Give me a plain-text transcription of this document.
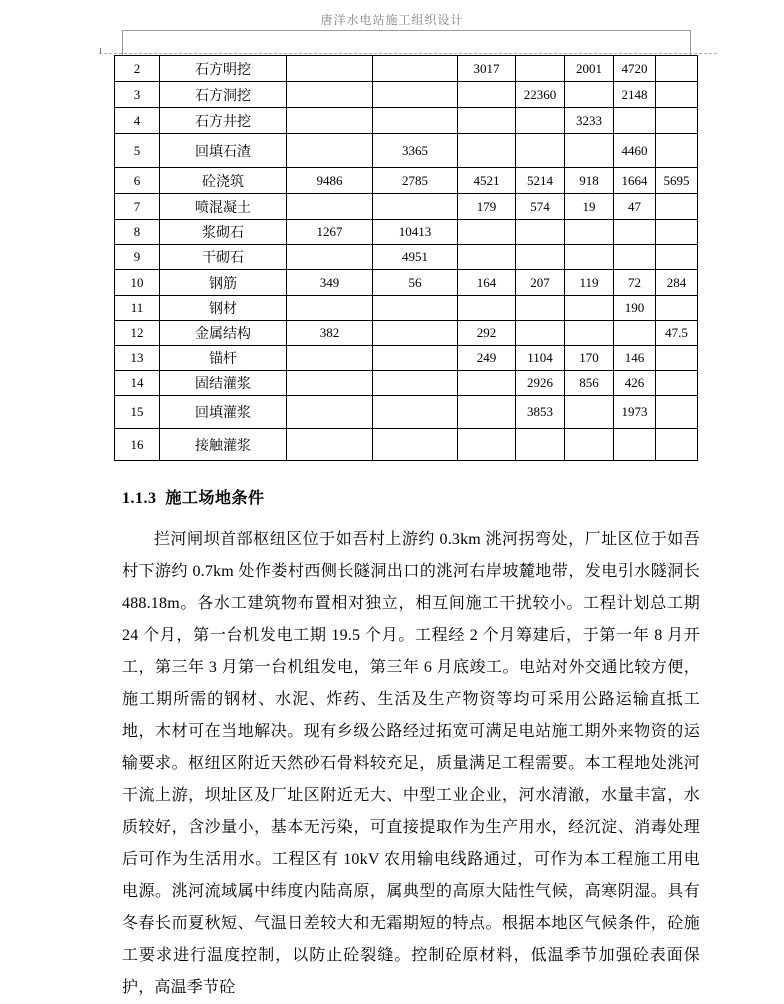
唐洋水电站施工组织设计
2	石方明挖			3017		2001	4720	
3	石方洞挖				22360		2148	
4	石方井挖					3233		
5	回填石渣		3365				4460	
6	砼浇筑	9486	2785	4521	5214	918	1664	5695
7	喷混凝土			179	574	19	47	
8	浆砌石	1267	10413					
9	干砌石		4951					
10	钢筋	349	56	164	207	119	72	284
11	钢材						190	
12	金属结构	382		292				47.5
13	锚杆			249	1104	170	146	
14	固结灌浆				2926	856	426	
15	回填灌浆				3853		1973	
16	接触灌浆							
1.1.3  施工场地条件
拦河闸坝首部枢纽区位于如吾村上游约 0.3km 洮河拐弯处，厂址区位于如吾村下游约 0.7km 处作娄村西侧长隧洞出口的洮河右岸坡麓地带，发电引水隧洞长 488.18m。各水工建筑物布置相对独立，相互间施工干扰较小。工程计划总工期 24 个月，第一台机发电工期 19.5 个月。工程经 2 个月筹建后，于第一年 8 月开工，第三年 3 月第一台机组发电，第三年 6 月底竣工。电站对外交通比较方便，施工期所需的钢材、水泥、炸药、生活及生产物资等均可采用公路运输直抵工地，木材可在当地解决。现有乡级公路经过拓宽可满足电站施工期外来物资的运输要求。枢纽区附近天然砂石骨料较充足，质量满足工程需要。本工程地处洮河干流上游，坝址区及厂址区附近无大、中型工业企业，河水清澈，水量丰富，水质较好，含沙量小，基本无污染，可直接提取作为生产用水，经沉淀、消毒处理后可作为生活用水。工程区有 10kV 农用输电线路通过，可作为本工程施工用电电源。洮河流域属中纬度内陆高原，属典型的高原大陆性气候，高寒阴湿。具有冬春长而夏秋短、气温日差较大和无霜期短的特点。根据本地区气候条件，砼施工要求进行温度控制，以防止砼裂缝。控制砼原材料，低温季节加强砼表面保护，高温季节砼
